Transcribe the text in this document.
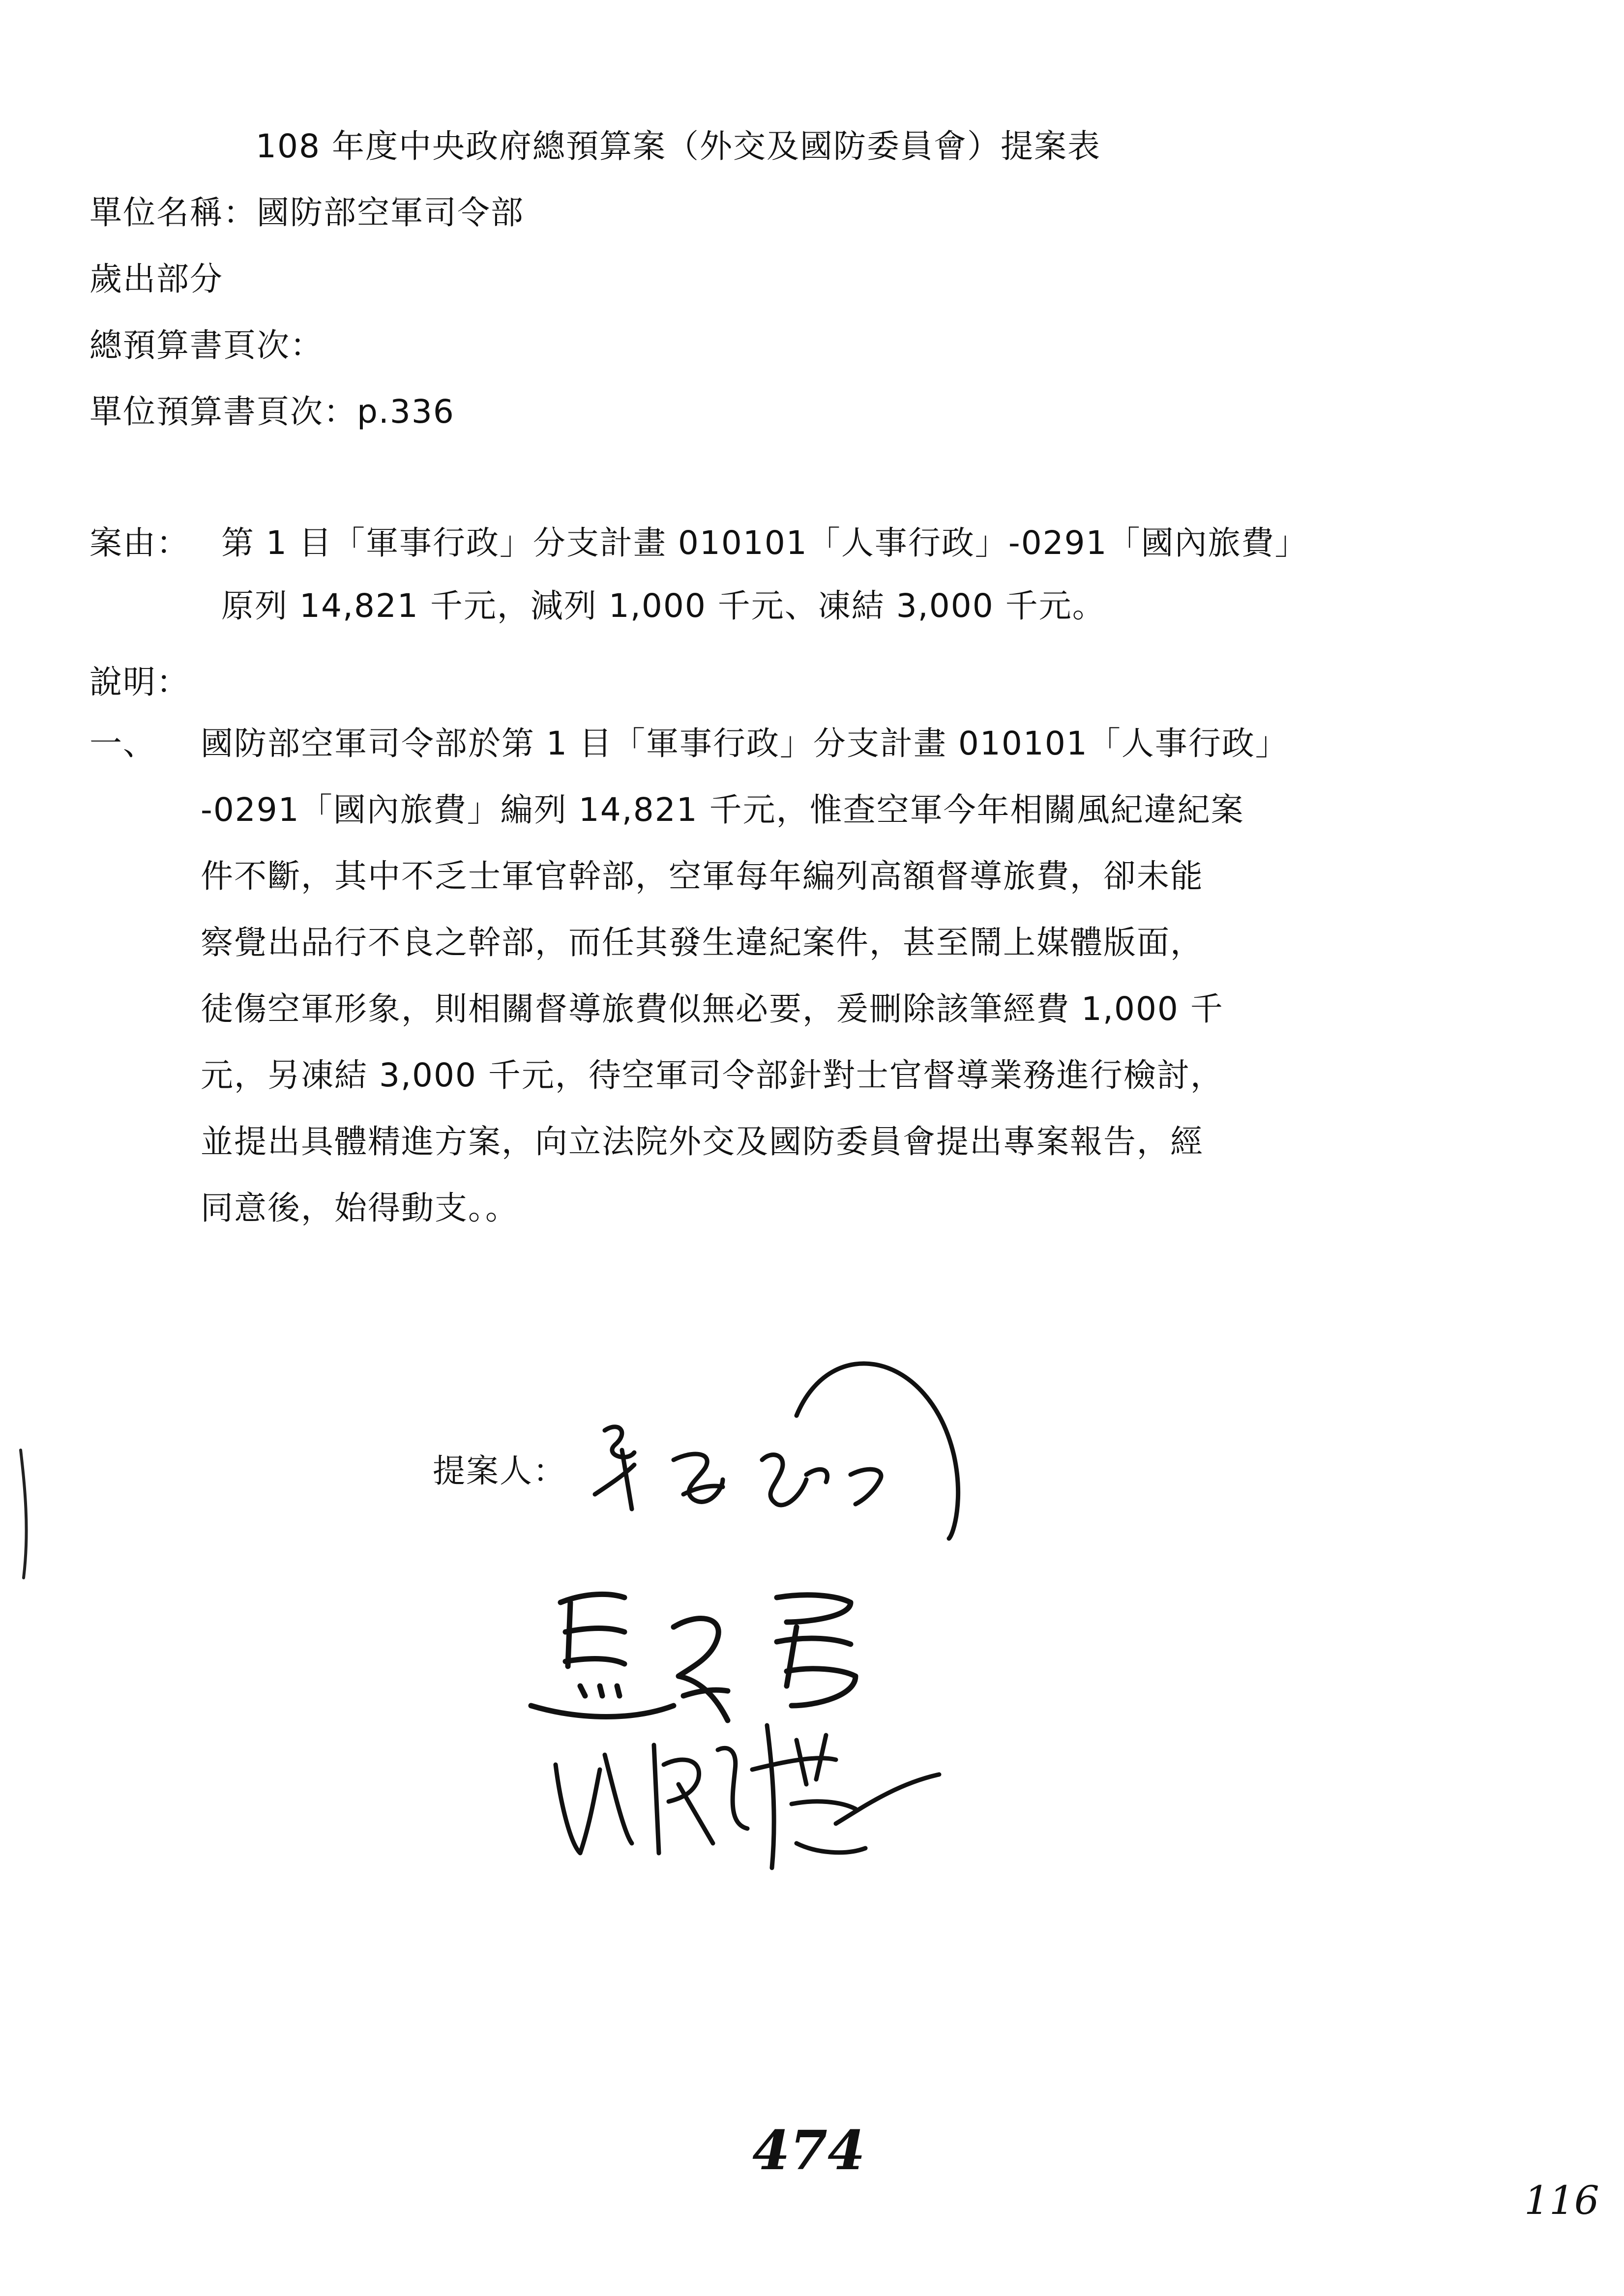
108 年度中央政府總預算案（外交及國防委員會）提案表
單位名稱：國防部空軍司令部
歲出部分
總預算書頁次：
單位預算書頁次：p.336
案由： 第 1 目「軍事行政」分支計畫 010101「人事行政」-0291「國內旅費」
原列 14,821 千元，減列 1,000 千元、凍結 3,000 千元。
說明：
一、 國防部空軍司令部於第 1 目「軍事行政」分支計畫 010101「人事行政」
-0291「國內旅費」編列 14,821 千元，惟查空軍今年相關風紀違紀案
件不斷，其中不乏士軍官幹部，空軍每年編列高額督導旅費，卻未能
察覺出品行不良之幹部，而任其發生違紀案件，甚至鬧上媒體版面，
徒傷空軍形象，則相關督導旅費似無必要，爰刪除該筆經費 1,000 千
元，另凍結 3,000 千元，待空軍司令部針對士官督導業務進行檢討，
並提出具體精進方案，向立法院外交及國防委員會提出專案報告，經
同意後，始得動支。。
提案人：
474
116
